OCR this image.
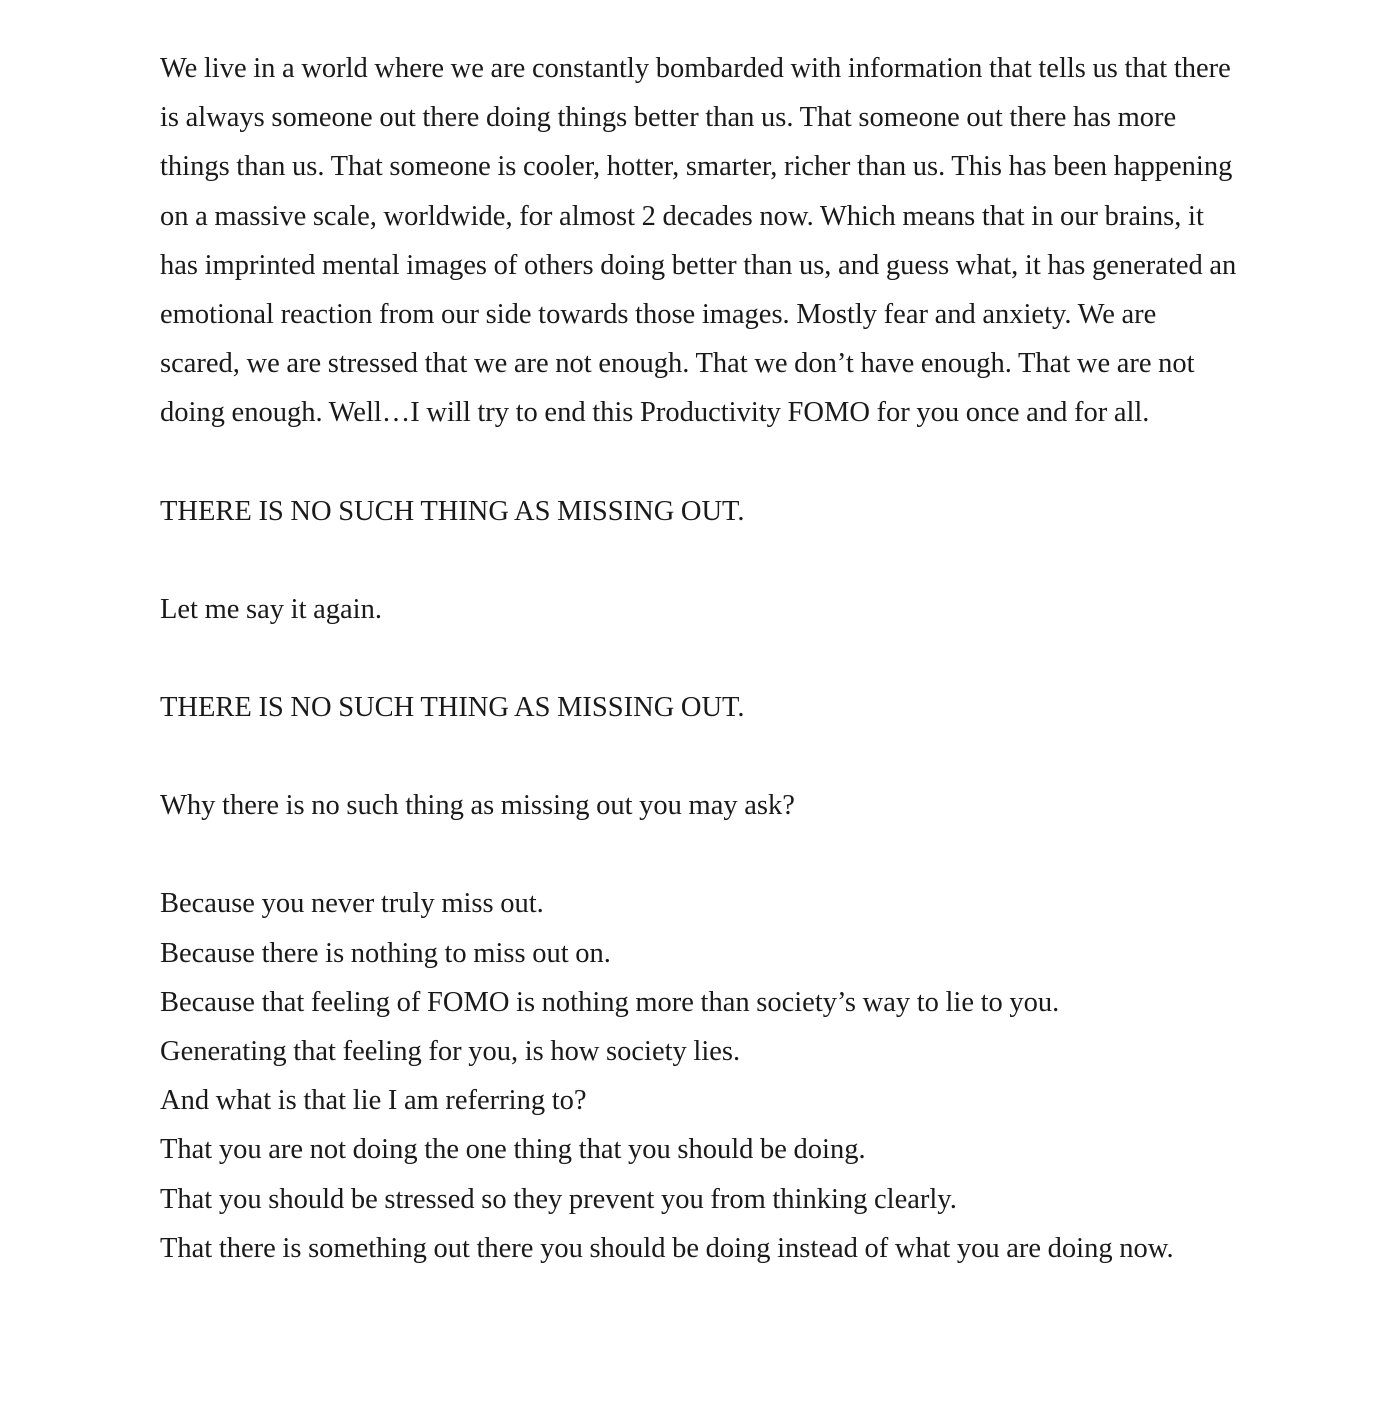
We live in a world where we are constantly bombarded with information that tells us that there is always someone out there doing things better than us. That someone out there has more things than us. That someone is cooler, hotter, smarter, richer than us. This has been happening on a massive scale, worldwide, for almost 2 decades now. Which means that in our brains, it has imprinted mental images of others doing better than us, and guess what, it has generated an emotional reaction from our side towards those images. Mostly fear and anxiety. We are scared, we are stressed that we are not enough. That we don’t have enough. That we are not doing enough. Well…I will try to end this Productivity FOMO for you once and for all.

THERE IS NO SUCH THING AS MISSING OUT.

Let me say it again.

THERE IS NO SUCH THING AS MISSING OUT.

Why there is no such thing as missing out you may ask?

Because you never truly miss out.
Because there is nothing to miss out on.
Because that feeling of FOMO is nothing more than society’s way to lie to you.
Generating that feeling for you, is how society lies.
And what is that lie I am referring to?
That you are not doing the one thing that you should be doing.
That you should be stressed so they prevent you from thinking clearly.
That there is something out there you should be doing instead of what you are doing now.
